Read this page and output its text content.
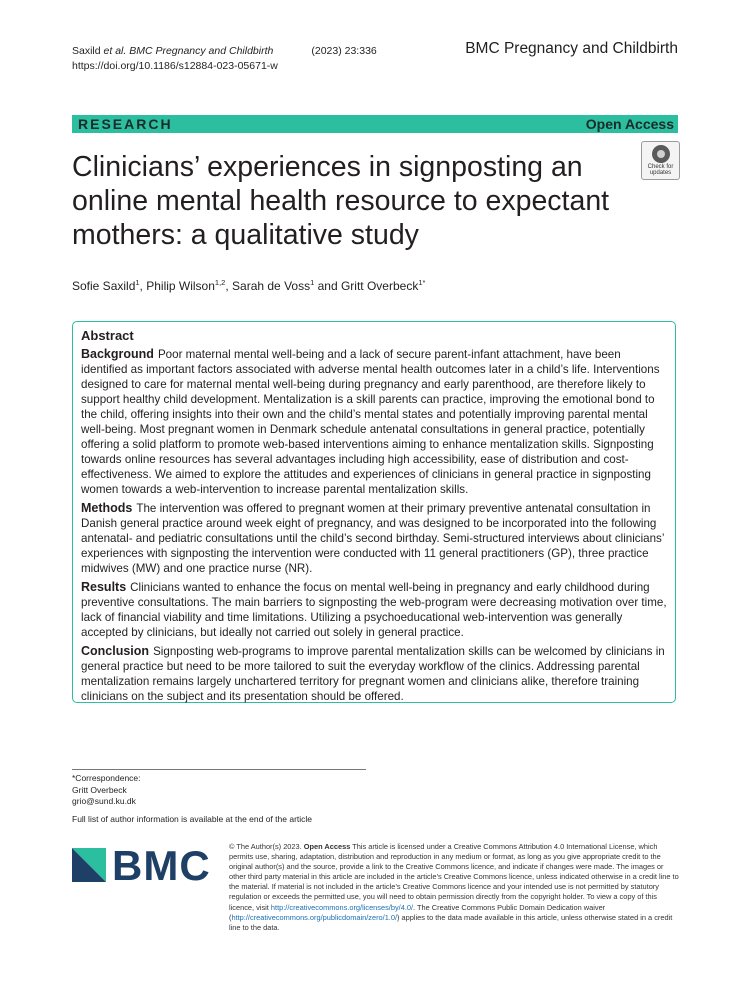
Saxild et al. BMC Pregnancy and Childbirth	(2023) 23:336
https://doi.org/10.1186/s12884-023-05671-w
BMC Pregnancy and Childbirth
RESEARCH	Open Access
Check for
updates
Clinicians’ experiences in signposting an online mental health resource to expectant mothers: a qualitative study
Sofie Saxild$^1$, Philip Wilson$^{1,2}$, Sarah de Voss$^1$ and Gritt Overbeck$^{1*}$
Abstract

Background Poor maternal mental well-being and a lack of secure parent-infant attachment, have been identified as important factors associated with adverse mental health outcomes later in a child’s life. Interventions designed to care for maternal mental well-being during pregnancy and early parenthood, are therefore likely to support healthy child development. Mentalization is a skill parents can practice, improving the emotional bond to the child, offering insights into their own and the child’s mental states and potentially improving parental mental well-being. Most pregnant women in Denmark schedule antenatal consultations in general practice, potentially offering a solid platform to promote web-based interventions aiming to enhance mentalization skills. Signposting towards online resources has several advantages including high accessibility, ease of distribution and cost-effectiveness. We aimed to explore the attitudes and experiences of clinicians in general practice in signposting women towards a web-intervention to increase parental mentalization skills.

Methods The intervention was offered to pregnant women at their primary preventive antenatal consultation in Danish general practice around week eight of pregnancy, and was designed to be incorporated into the following antenatal- and pediatric consultations until the child’s second birthday. Semi-structured interviews about clinicians’ experiences with signposting the intervention were conducted with 11 general practitioners (GP), three practice midwives (MW) and one practice nurse (NR).

Results Clinicians wanted to enhance the focus on mental well-being in pregnancy and early childhood during preventive consultations. The main barriers to signposting the web-program were decreasing motivation over time, lack of financial viability and time limitations. Utilizing a psychoeducational web-intervention was generally accepted by clinicians, but ideally not carried out solely in general practice.

Conclusion Signposting web-programs to improve parental mentalization skills can be welcomed by clinicians in general practice but need to be more tailored to suit the everyday workflow of the clinics. Addressing parental mentalization remains largely unchartered territory for pregnant women and clinicians alike, therefore training clinicians on the subject and its presentation should be offered.

*Correspondence:
Gritt Overbeck
grio@sund.ku.dk
Full list of author information is available at the end of the article
BMC © The Author(s) 2023. Open Access This article is licensed under a Creative Commons Attribution 4.0 International License, which permits use, sharing, adaptation, distribution and reproduction in any medium or format, as long as you give appropriate credit to the original author(s) and the source, provide a link to the Creative Commons licence, and indicate if changes were made. The images or other third party material in this article are included in the article’s Creative Commons licence, unless indicated otherwise in a credit line to the material. If material is not included in the article’s Creative Commons licence and your intended use is not permitted by statutory regulation or exceeds the permitted use, you will need to obtain permission directly from the copyright holder. To view a copy of this licence, visit http://creativecommons.org/licenses/by/4.0/. The Creative Commons Public Domain Dedication waiver (http://creativecommons.org/publicdomain/zero/1.0/) applies to the data made available in this article, unless otherwise stated in a credit line to the data.
